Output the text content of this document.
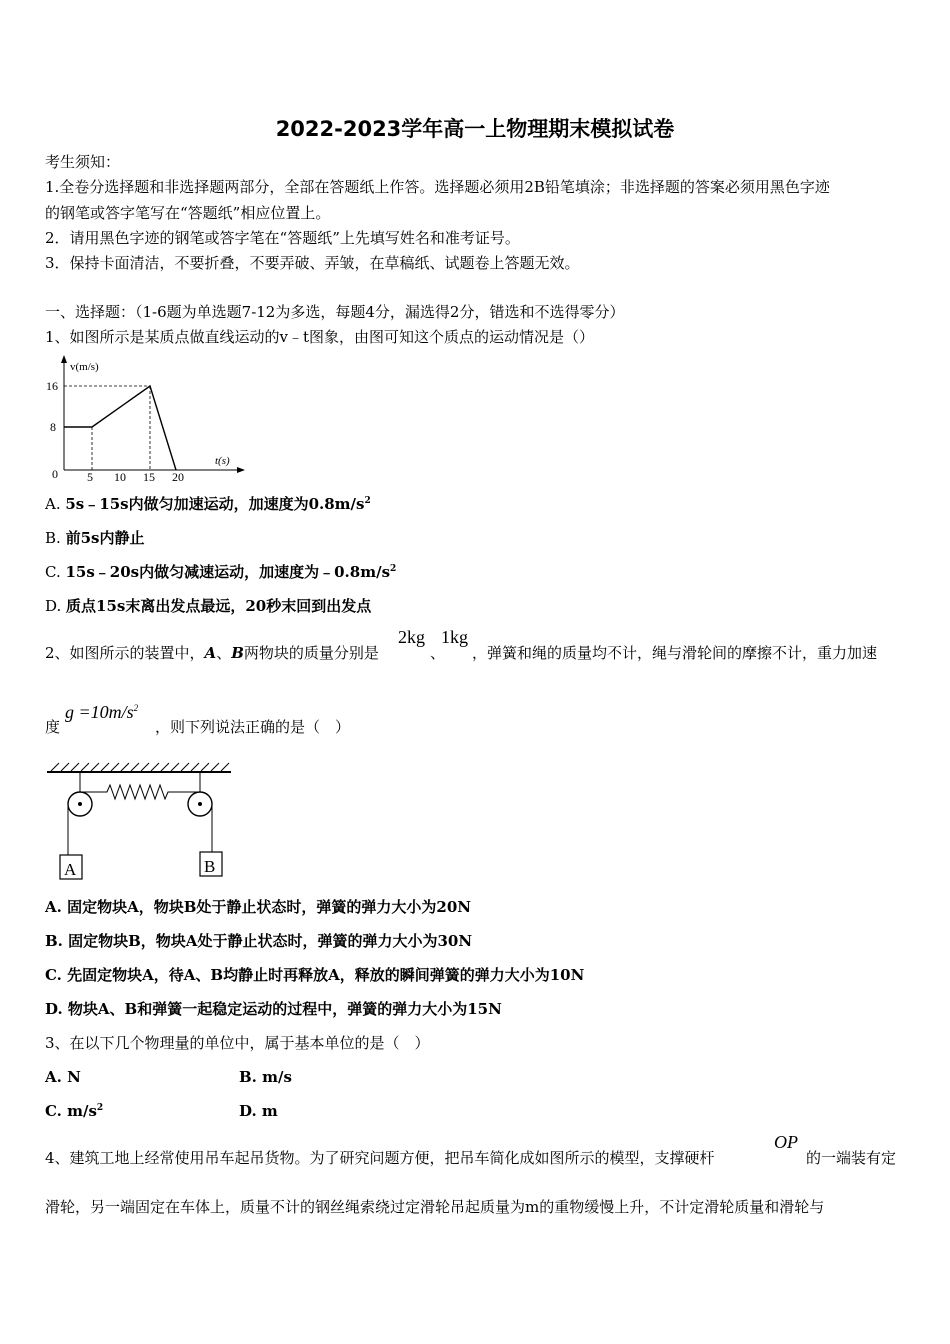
2022-2023学年高一上物理期末模拟试卷
考生须知：
1.全卷分选择题和非选择题两部分，全部在答题纸上作答。选择题必须用2B铅笔填涂；非选择题的答案必须用黑色字迹
的钢笔或答字笔写在“答题纸”相应位置上。
2．请用黑色字迹的钢笔或答字笔在“答题纸”上先填写姓名和准考证号。
3．保持卡面清洁，不要折叠，不要弄破、弄皱，在草稿纸、试题卷上答题无效。
一、选择题：（1-6题为单选题7-12为多选，每题4分，漏选得2分，错选和不选得零分）
1、如图所示是某质点做直线运动的v﹣t图象，由图可知这个质点的运动情况是（）
v(m/s)
t(s)
16
8
0 5 10 15 20
A. 5s﹣15s内做匀加速运动，加速度为$0.8m/s^2$
B. 前5s内静止
C. 15s﹣20s内做匀减速运动，加速度为$﹣0.8m/s^2$
D. 质点15s末离出发点最远，20秒末回到出发点
2、如图所示的装置中，A、B两物块的质量分别是
2kg
、
1kg
，弹簧和绳的质量均不计，绳与滑轮间的摩擦不计，重力加速
度
$g =10m/s^2$
，则下列说法正确的是（　）
A	B
A. 固定物块A，物块B处于静止状态时，弹簧的弹力大小为20N
B. 固定物块B，物块A处于静止状态时，弹簧的弹力大小为30N
C. 先固定物块A，待A、B均静止时再释放A，释放的瞬间弹簧的弹力大小为10N
D. 物块A、B和弹簧一起稳定运动的过程中，弹簧的弹力大小为15N
3、在以下几个物理量的单位中，属于基本单位的是（　）
A. N	B. m/s
C. $m/s^2$	D. m
4、建筑工地上经常使用吊车起吊货物。为了研究问题方便，把吊车简化成如图所示的模型，支撑硬杆
OP
的一端装有定
滑轮，另一端固定在车体上，质量不计的钢丝绳索绕过定滑轮吊起质量为m的重物缓慢上升，不计定滑轮质量和滑轮与
